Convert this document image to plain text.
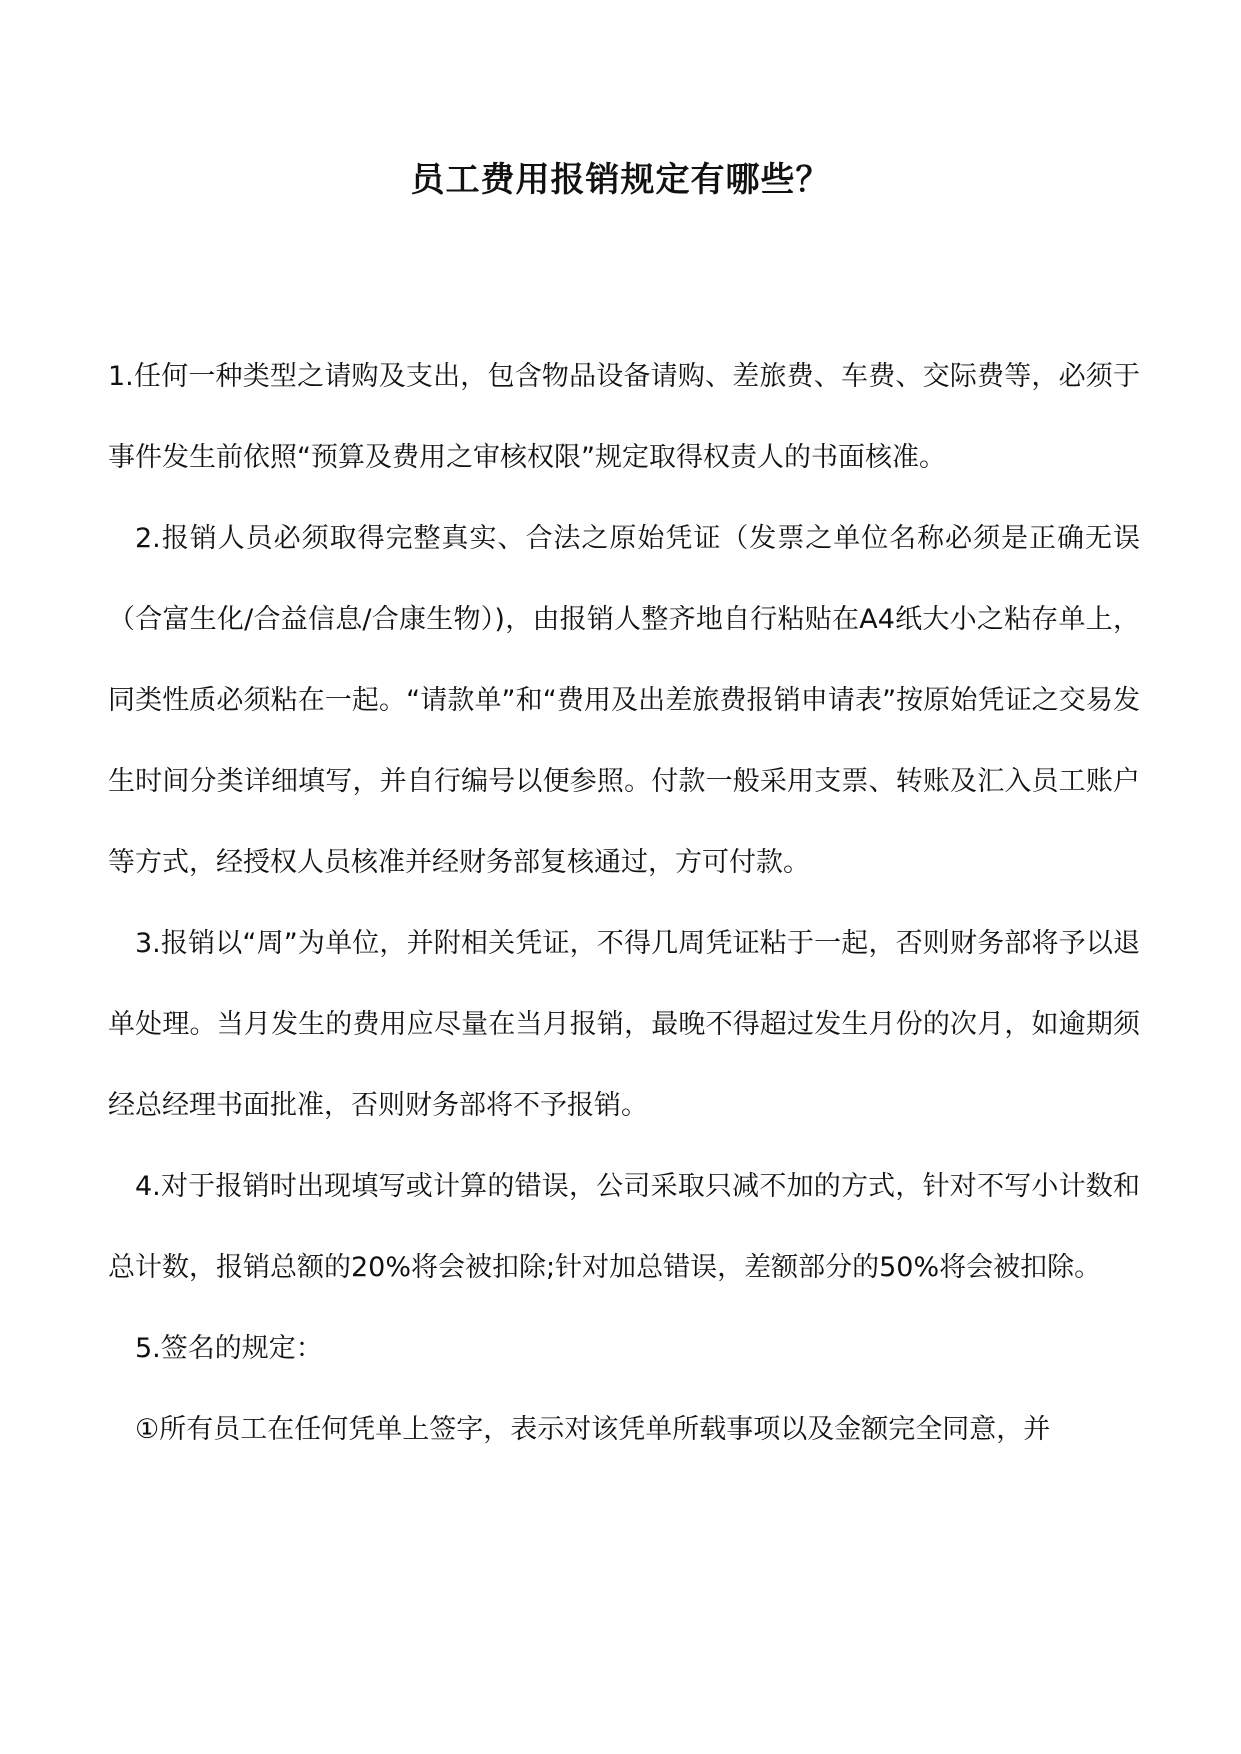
员工费用报销规定有哪些？

1.任何一种类型之请购及支出，包含物品设备请购、差旅费、车费、交际费等，必须于事件发生前依照“预算及费用之审核权限”规定取得权责人的书面核准。

2.报销人员必须取得完整真实、合法之原始凭证（发票之单位名称必须是正确无误（合富生化/合益信息/合康生物）)，由报销人整齐地自行粘贴在A4纸大小之粘存单上，同类性质必须粘在一起。“请款单”和“费用及出差旅费报销申请表”按原始凭证之交易发生时间分类详细填写，并自行编号以便参照。付款一般采用支票、转账及汇入员工账户等方式，经授权人员核准并经财务部复核通过，方可付款。

3.报销以“周”为单位，并附相关凭证，不得几周凭证粘于一起，否则财务部将予以退单处理。当月发生的费用应尽量在当月报销，最晚不得超过发生月份的次月，如逾期须经总经理书面批准，否则财务部将不予报销。

4.对于报销时出现填写或计算的错误，公司采取只减不加的方式，针对不写小计数和总计数，报销总额的20%将会被扣除;针对加总错误，差额部分的50%将会被扣除。

5.签名的规定：

①所有员工在任何凭单上签字，表示对该凭单所载事项以及金额完全同意，并
